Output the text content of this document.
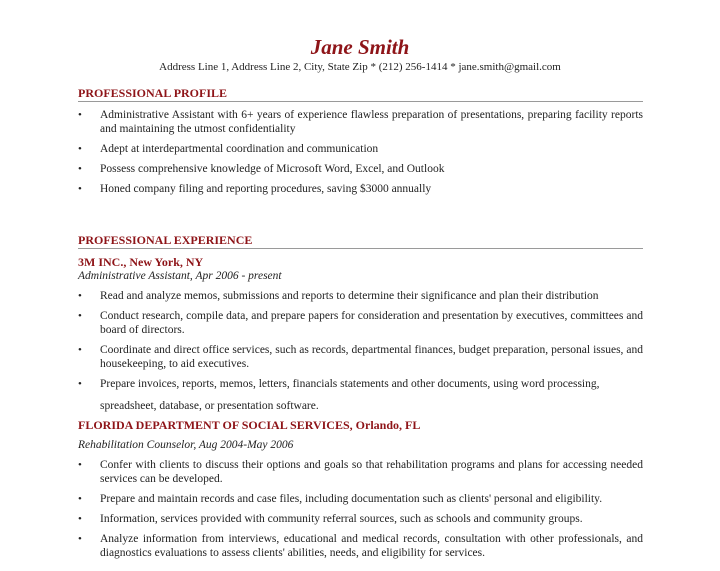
Jane Smith
Address Line 1, Address Line 2, City, State Zip * (212) 256-1414 * jane.smith@gmail.com
PROFESSIONAL PROFILE
• Administrative Assistant with 6+ years of experience flawless preparation of presentations, preparing facility reports and maintaining the utmost confidentiality
• Adept at interdepartmental coordination and communication
• Possess comprehensive knowledge of Microsoft Word, Excel, and Outlook
• Honed company filing and reporting procedures, saving $3000 annually
PROFESSIONAL EXPERIENCE
3M INC., New York, NY
Administrative Assistant, Apr 2006 - present
• Read and analyze memos, submissions and reports to determine their significance and plan their distribution
• Conduct research, compile data, and prepare papers for consideration and presentation by executives, committees and board of directors.
• Coordinate and direct office services, such as records, departmental finances, budget preparation, personal issues, and housekeeping, to aid executives.
• Prepare invoices, reports, memos, letters, financials statements and other documents, using word processing,
spreadsheet, database, or presentation software.
FLORIDA DEPARTMENT OF SOCIAL SERVICES, Orlando, FL
Rehabilitation Counselor, Aug 2004-May 2006
• Confer with clients to discuss their options and goals so that rehabilitation programs and plans for accessing needed services can be developed.
• Prepare and maintain records and case files, including documentation such as clients' personal and eligibility.
• Information, services provided with community referral sources, such as schools and community groups.
• Analyze information from interviews, educational and medical records, consultation with other professionals, and diagnostics evaluations to assess clients' abilities, needs, and eligibility for services.
